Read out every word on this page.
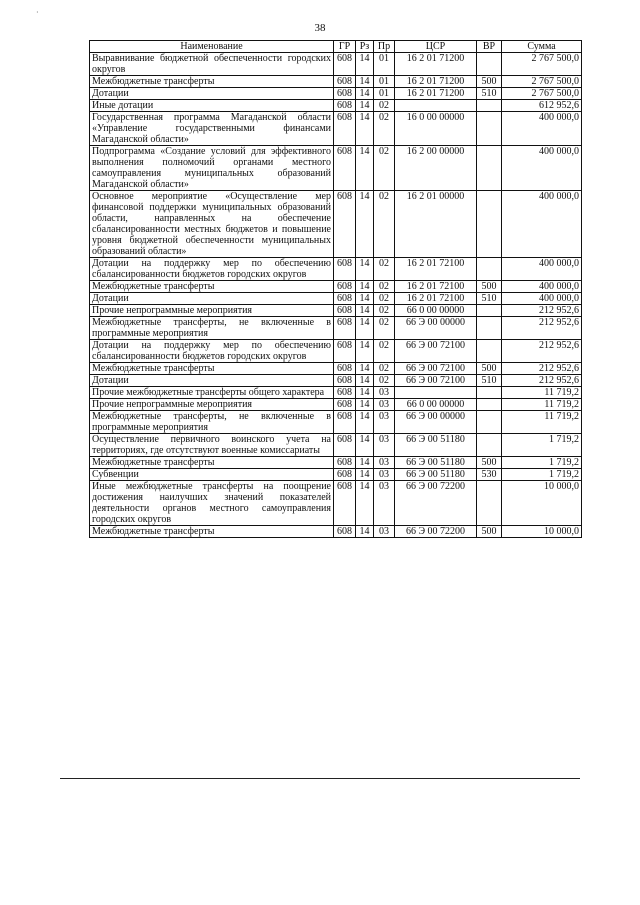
·
38
Наименование	ГР	Рз	Пр	ЦСР	ВР	Сумма
Выравнивание бюджетной обеспеченности городских округов	608	14	01	16 2 01 71200		2 767 500,0
Межбюджетные трансферты	608	14	01	16 2 01 71200	500	2 767 500,0
Дотации	608	14	01	16 2 01 71200	510	2 767 500,0
Иные дотации	608	14	02			612 952,6
Государственная программа Магаданской области «Управление государственными финансами Магаданской области»	608	14	02	16 0 00 00000		400 000,0
Подпрограмма «Создание условий для эффективного выполнения полномочий органами местного самоуправления муниципальных образований Магаданской области»	608	14	02	16 2 00 00000		400 000,0
Основное мероприятие «Осуществление мер финансовой поддержки муниципальных образований области, направленных на обеспечение сбалансированности местных бюджетов и повышение уровня бюджетной обеспеченности муниципальных образований области»	608	14	02	16 2 01 00000		400 000,0
Дотации на поддержку мер по обеспечению сбалансированности бюджетов городских округов	608	14	02	16 2 01 72100		400 000,0
Межбюджетные трансферты	608	14	02	16 2 01 72100	500	400 000,0
Дотации	608	14	02	16 2 01 72100	510	400 000,0
Прочие непрограммные мероприятия	608	14	02	66 0 00 00000		212 952,6
Межбюджетные трансферты, не включенные в программные мероприятия	608	14	02	66 Э 00 00000		212 952,6
Дотации на поддержку мер по обеспечению сбалансированности бюджетов городских округов	608	14	02	66 Э 00 72100		212 952,6
Межбюджетные трансферты	608	14	02	66 Э 00 72100	500	212 952,6
Дотации	608	14	02	66 Э 00 72100	510	212 952,6
Прочие межбюджетные трансферты общего характера	608	14	03			11 719,2
Прочие непрограммные мероприятия	608	14	03	66 0 00 00000		11 719,2
Межбюджетные трансферты, не включенные в программные мероприятия	608	14	03	66 Э 00 00000		11 719,2
Осуществление первичного воинского учета на территориях, где отсутствуют военные комиссариаты	608	14	03	66 Э 00 51180		1 719,2
Межбюджетные трансферты	608	14	03	66 Э 00 51180	500	1 719,2
Субвенции	608	14	03	66 Э 00 51180	530	1 719,2
Иные межбюджетные трансферты на поощрение достижения наилучших значений показателей деятельности органов местного самоуправления городских округов	608	14	03	66 Э 00 72200		10 000,0
Межбюджетные трансферты	608	14	03	66 Э 00 72200	500	10 000,0
